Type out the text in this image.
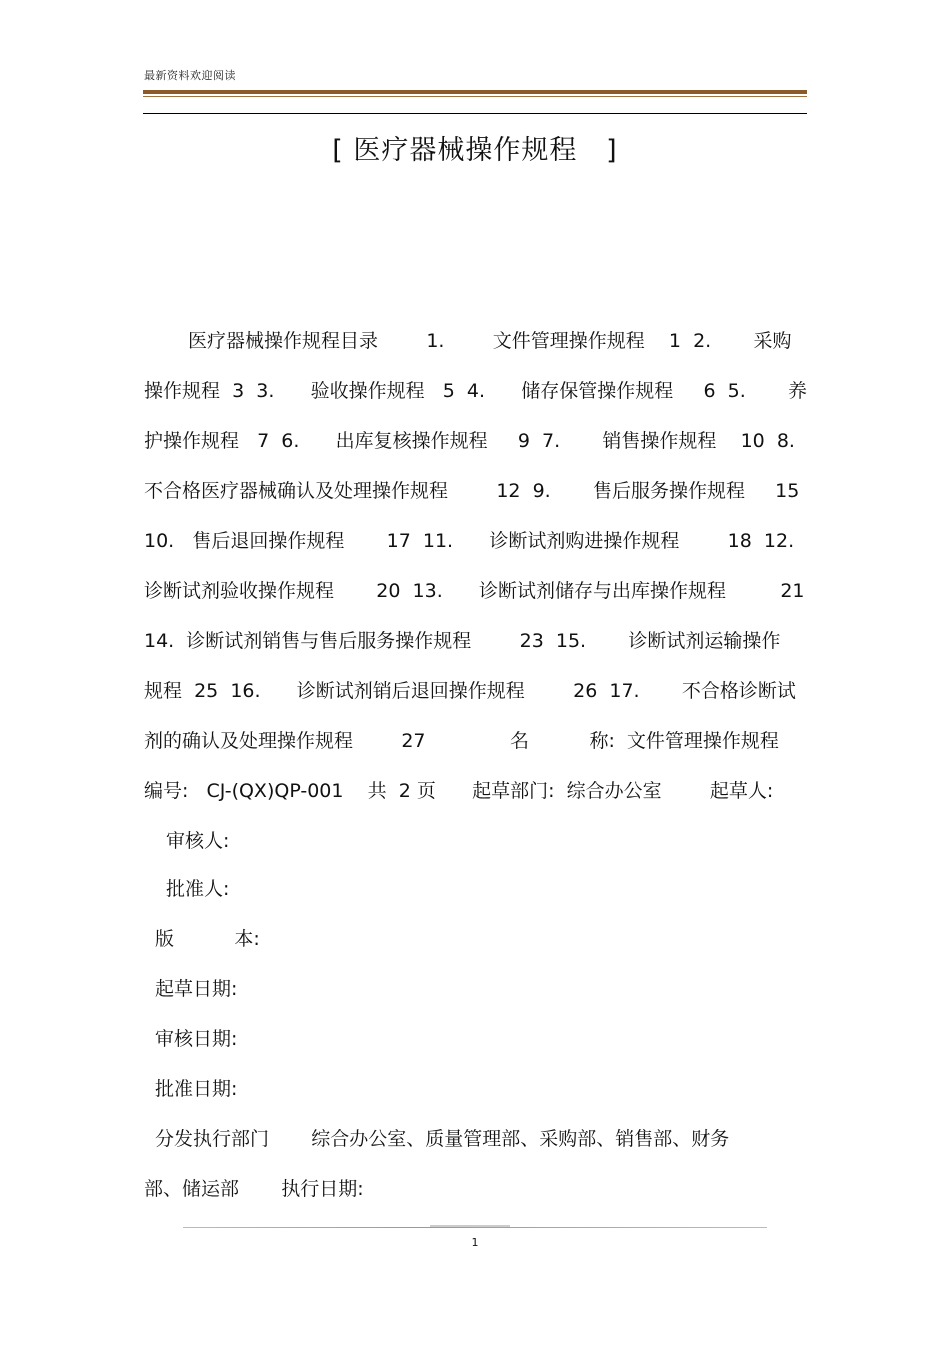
最新资料欢迎阅读
[ 医疗器械操作规程   ]
医疗器械操作规程目录        1.        文件管理操作规程    1  2.       采购
操作规程  3  3.      验收操作规程   5  4.      储存保管操作规程     6  5.       养
护操作规程   7  6.      出库复核操作规程     9  7.       销售操作规程    10  8.
不合格医疗器械确认及处理操作规程        12  9.       售后服务操作规程     15
10.   售后退回操作规程       17  11.      诊断试剂购进操作规程        18  12.
诊断试剂验收操作规程       20  13.      诊断试剂储存与出库操作规程         21
14.  诊断试剂销售与售后服务操作规程        23  15.       诊断试剂运输操作
规程  25  16.      诊断试剂销后退回操作规程        26  17.       不合格诊断试
剂的确认及处理操作规程        27              名          称:  文件管理操作规程
编号:   CJ-(QX)QP-001    共  2 页      起草部门:  综合办公室        起草人:
审核人:
批准人:
版          本:
起草日期:
审核日期:
批准日期:
分发执行部门       综合办公室、质量管理部、采购部、销售部、财务
部、储运部       执行日期:
1
